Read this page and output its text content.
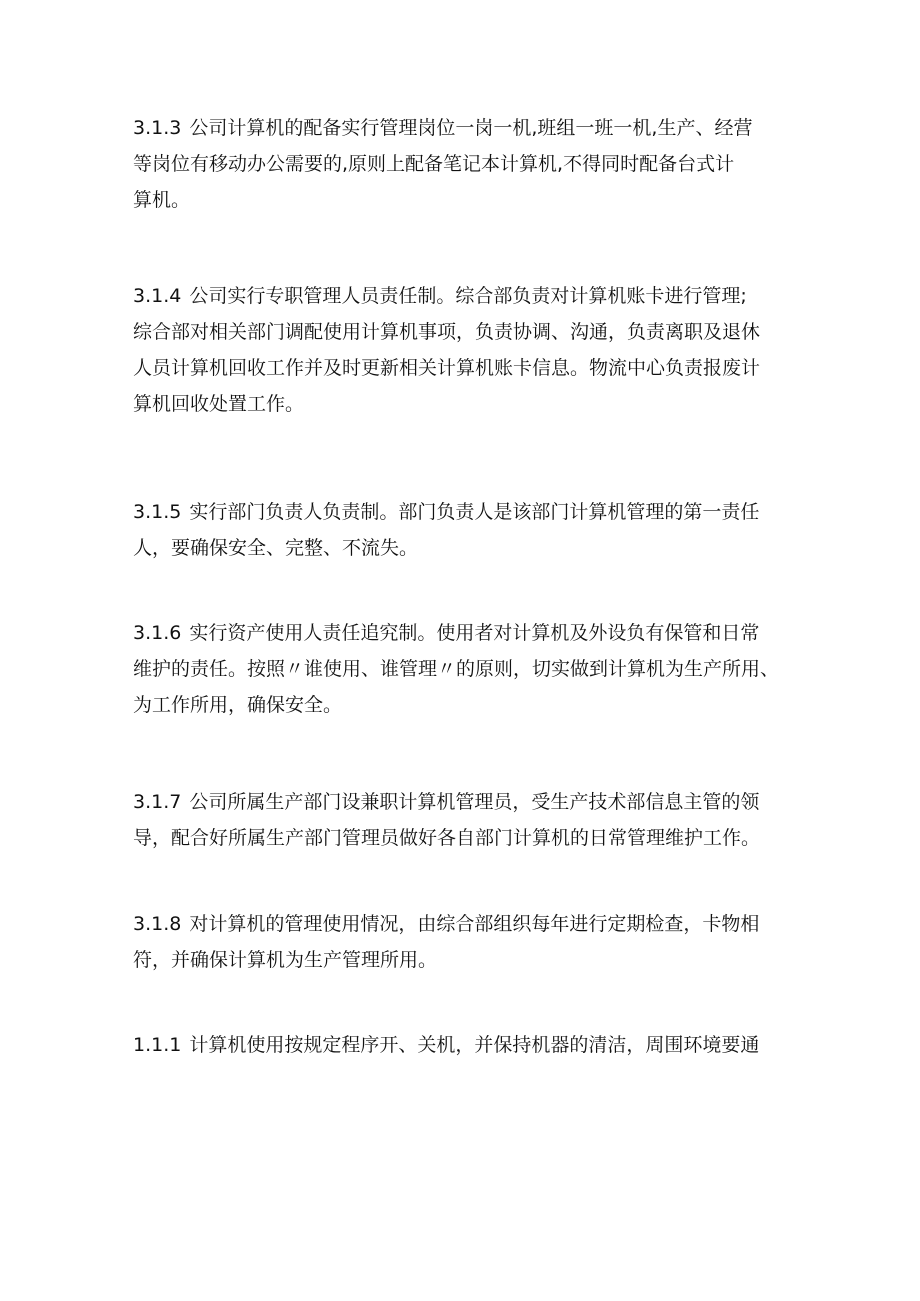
3.1.3 公司计算机的配备实行管理岗位一岗一机,班组一班一机,生产、经营
等岗位有移动办公需要的,原则上配备笔记本计算机,不得同时配备台式计
算机。
3.1.4 公司实行专职管理人员责任制。综合部负责对计算机账卡进行管理;
综合部对相关部门调配使用计算机事项，负责协调、沟通，负责离职及退休
人员计算机回收工作并及时更新相关计算机账卡信息。物流中心负责报废计
算机回收处置工作。
3.1.5 实行部门负责人负责制。部门负责人是该部门计算机管理的第一责任
人，要确保安全、完整、不流失。
3.1.6 实行资产使用人责任追究制。使用者对计算机及外设负有保管和日常
维护的责任。按照〃谁使用、谁管理〃的原则，切实做到计算机为生产所用、
为工作所用，确保安全。
3.1.7 公司所属生产部门设兼职计算机管理员，受生产技术部信息主管的领
导，配合好所属生产部门管理员做好各自部门计算机的日常管理维护工作。
3.1.8 对计算机的管理使用情况，由综合部组织每年进行定期检查，卡物相
符，并确保计算机为生产管理所用。
1.1.1 计算机使用按规定程序开、关机，并保持机器的清洁，周围环境要通
